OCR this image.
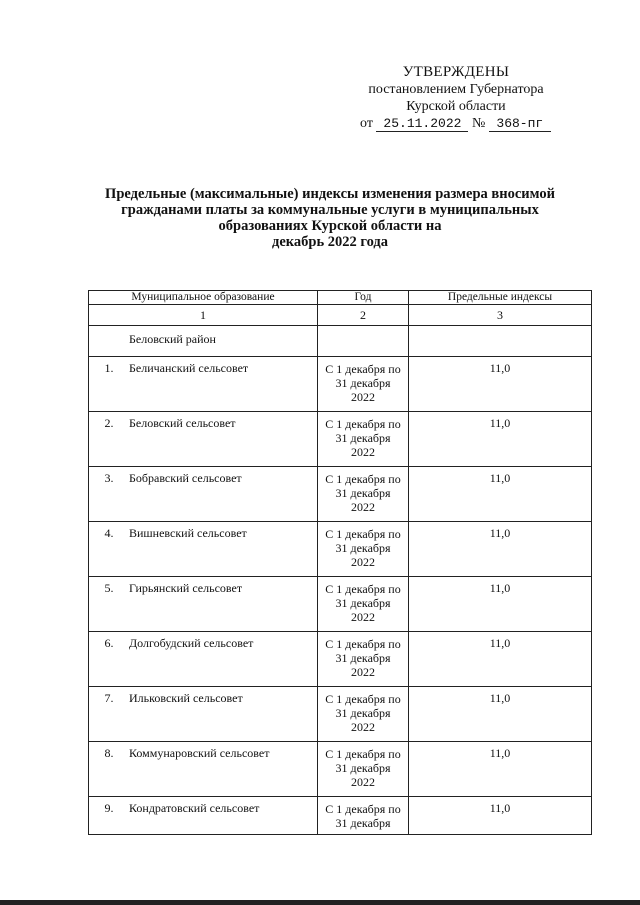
УТВЕРЖДЕНЫ
постановлением Губернатора
Курской области
от 25.11.2022 № 368-пг
Предельные (максимальные) индексы изменения размера вносимой
гражданами платы за коммунальные услуги в муниципальных
образованиях Курской области на
декабрь 2022 года
Муниципальное образование	Год	Предельные индексы
1	2	3
Беловский район		
1. Беличанский сельсовет	С 1 декабря по
31 декабря
2022	11,0
2. Беловский сельсовет	С 1 декабря по
31 декабря
2022	11,0
3. Бобравский сельсовет	С 1 декабря по
31 декабря
2022	11,0
4. Вишневский сельсовет	С 1 декабря по
31 декабря
2022	11,0
5. Гирьянский сельсовет	С 1 декабря по
31 декабря
2022	11,0
6. Долгобудский сельсовет	С 1 декабря по
31 декабря
2022	11,0
7. Ильковский сельсовет	С 1 декабря по
31 декабря
2022	11,0
8. Коммунаровский сельсовет	С 1 декабря по
31 декабря
2022	11,0
9. Кондратовский сельсовет	С 1 декабря по
31 декабря	11,0
